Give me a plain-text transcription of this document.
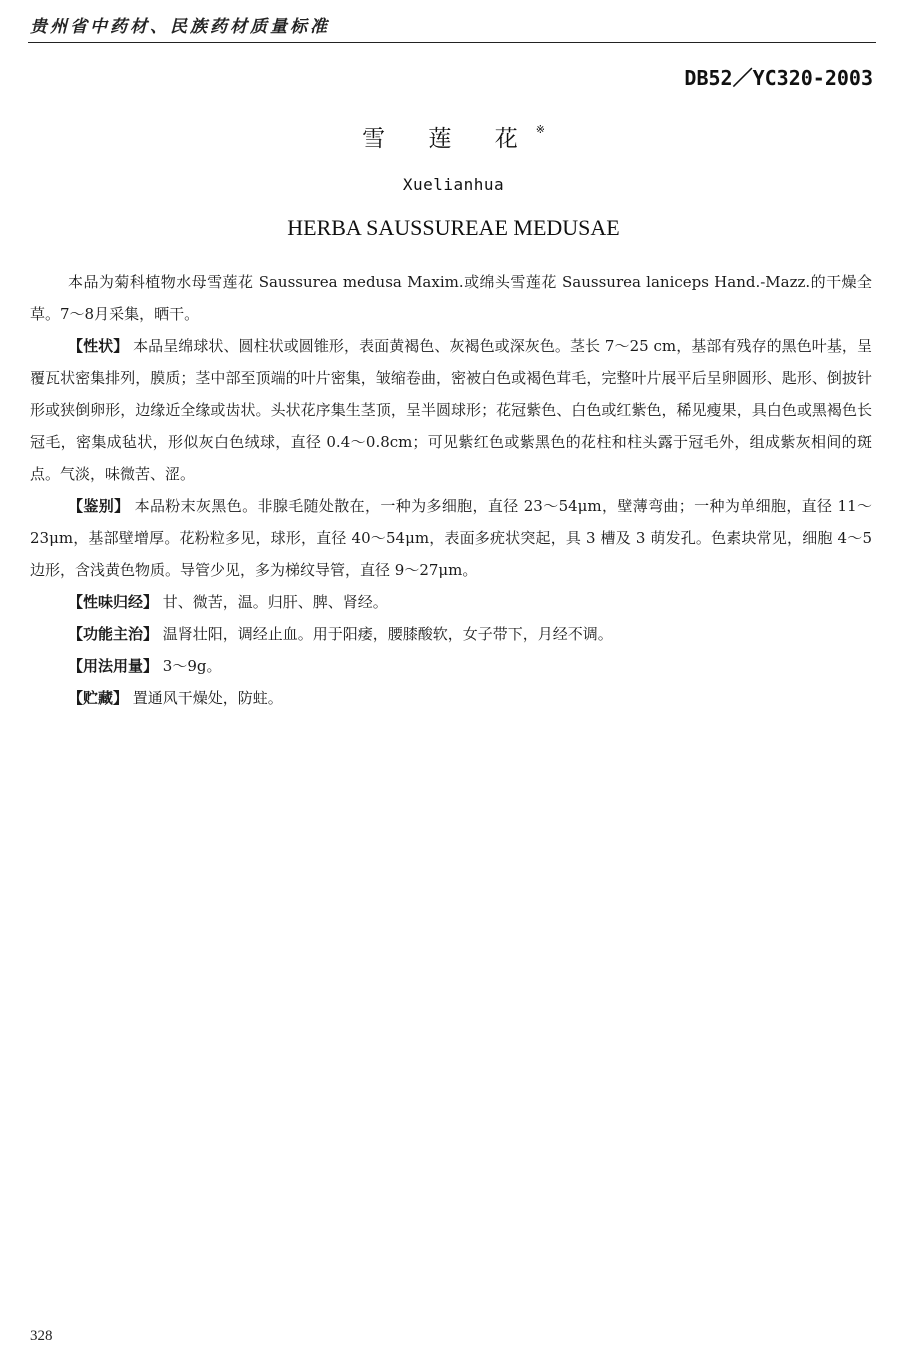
贵州省中药材、民族药材质量标准
DB52／YC320-2003
雪 莲 花※
Xuelianhua
HERBA SAUSSUREAE MEDUSAE

本品为菊科植物水母雪莲花 Saussurea medusa Maxim.或绵头雪莲花 Saussurea laniceps Hand.-Mazz.的干燥全草。7～8月采集，晒干。

【性状】 本品呈绵球状、圆柱状或圆锥形，表面黄褐色、灰褐色或深灰色。茎长 7～25 cm，基部有残存的黑色叶基，呈覆瓦状密集排列，膜质；茎中部至顶端的叶片密集，皱缩卷曲，密被白色或褐色茸毛，完整叶片展平后呈卵圆形、匙形、倒披针形或狭倒卵形，边缘近全缘或齿状。头状花序集生茎顶，呈半圆球形；花冠紫色、白色或红紫色，稀见瘦果，具白色或黑褐色长冠毛，密集成毡状，形似灰白色绒球，直径 0.4～0.8cm；可见紫红色或紫黑色的花柱和柱头露于冠毛外，组成紫灰相间的斑点。气淡，味微苦、涩。

【鉴别】 本品粉末灰黑色。非腺毛随处散在，一种为多细胞，直径 23～54μm，壁薄弯曲；一种为单细胞，直径 11～23μm，基部壁增厚。花粉粒多见，球形，直径 40～54μm，表面多疣状突起，具 3 槽及 3 萌发孔。色素块常见，细胞 4～5 边形，含浅黄色物质。导管少见，多为梯纹导管，直径 9～27μm。

【性味归经】 甘、微苦，温。归肝、脾、肾经。

【功能主治】 温肾壮阳，调经止血。用于阳痿，腰膝酸软，女子带下，月经不调。

【用法用量】 3～9g。

【贮藏】 置通风干燥处，防蛀。

328
